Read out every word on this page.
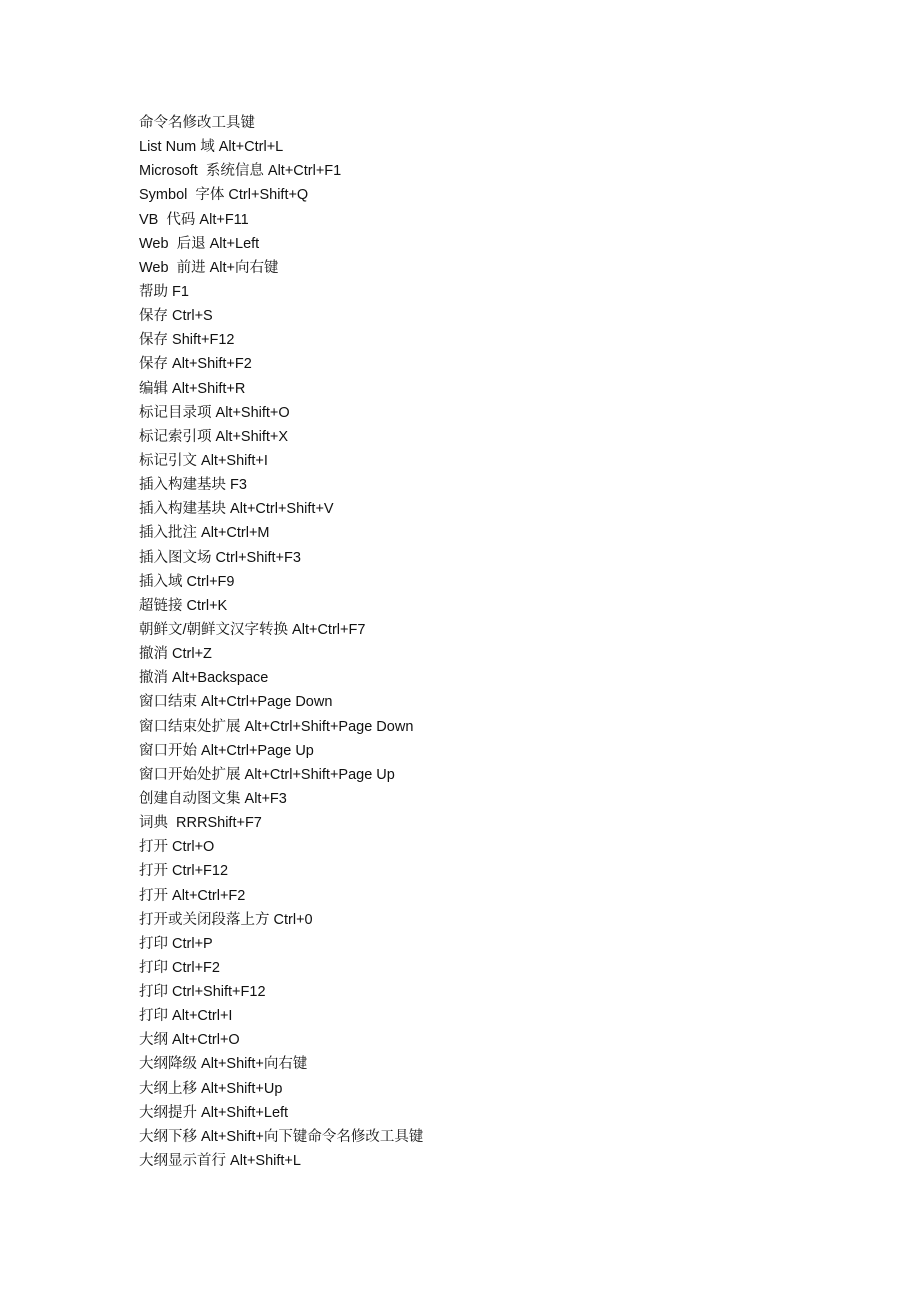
命令名修改工具键
List Num 域 Alt+Ctrl+L
Microsoft  系统信息 Alt+Ctrl+F1
Symbol  字体 Ctrl+Shift+Q
VB  代码 Alt+F11
Web  后退 Alt+Left
Web  前进 Alt+向右键
帮助 F1
保存 Ctrl+S
保存 Shift+F12
保存 Alt+Shift+F2
编辑 Alt+Shift+R
标记目录项 Alt+Shift+O
标记索引项 Alt+Shift+X
标记引文 Alt+Shift+I
插入构建基块 F3
插入构建基块 Alt+Ctrl+Shift+V
插入批注 Alt+Ctrl+M
插入图文场 Ctrl+Shift+F3
插入域 Ctrl+F9
超链接 Ctrl+K
朝鲜文/朝鲜文汉字转换 Alt+Ctrl+F7
撤消 Ctrl+Z
撤消 Alt+Backspace
窗口结束 Alt+Ctrl+Page Down
窗口结束处扩展 Alt+Ctrl+Shift+Page Down
窗口开始 Alt+Ctrl+Page Up
窗口开始处扩展 Alt+Ctrl+Shift+Page Up
创建自动图文集 Alt+F3
词典  RRRShift+F7
打开 Ctrl+O
打开 Ctrl+F12
打开 Alt+Ctrl+F2
打开或关闭段落上方 Ctrl+0
打印 Ctrl+P
打印 Ctrl+F2
打印 Ctrl+Shift+F12
打印 Alt+Ctrl+I
大纲 Alt+Ctrl+O
大纲降级 Alt+Shift+向右键
大纲上移 Alt+Shift+Up
大纲提升 Alt+Shift+Left
大纲下移 Alt+Shift+向下键命令名修改工具键
大纲显示首行 Alt+Shift+L
